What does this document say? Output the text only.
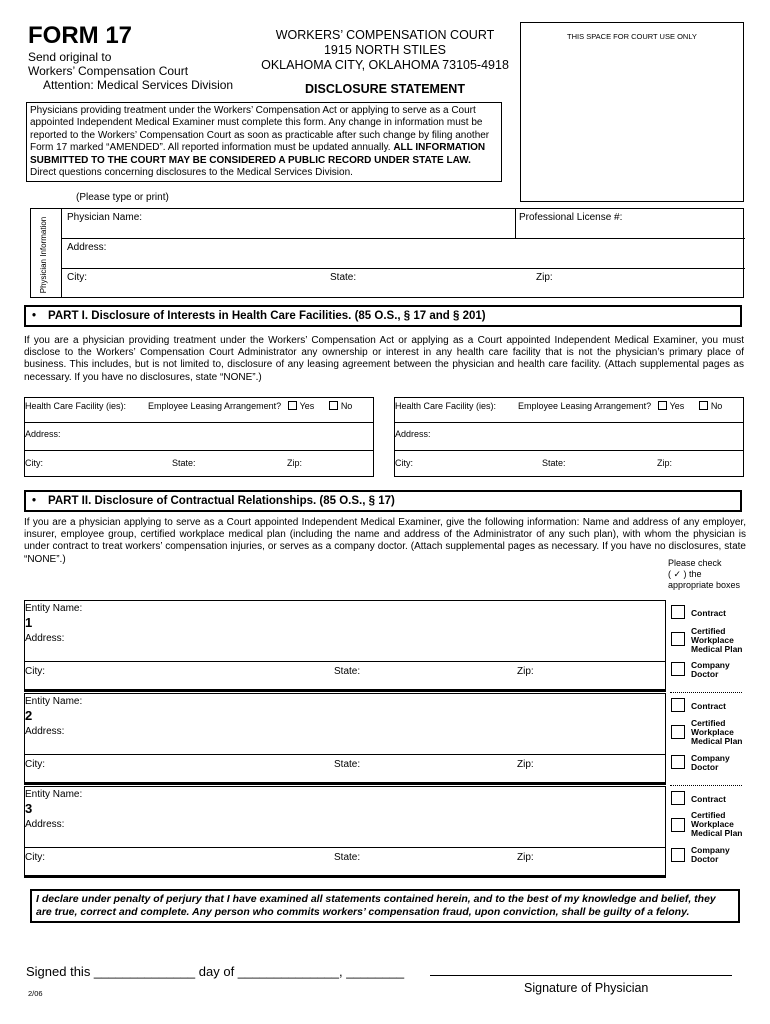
FORM 17
Send original to
Workers’ Compensation Court
Attention: Medical Services Division
WORKERS’ COMPENSATION COURT
1915 NORTH STILES
OKLAHOMA CITY, OKLAHOMA 73105-4918
DISCLOSURE STATEMENT
THIS SPACE FOR COURT USE ONLY
Physicians providing treatment under the Workers’ Compensation Act or applying to serve as a Court appointed Independent Medical Examiner must complete this form. Any change in information must be reported to the Workers’ Compensation Court as soon as practicable after such change by filing another Form 17 marked “AMENDED”. All reported information must be updated annually. ALL INFORMATION SUBMITTED TO THE COURT MAY BE CONSIDERED A PUBLIC RECORD UNDER STATE LAW. Direct questions concerning disclosures to the Medical Services Division.
(Please type or print)
Physician Information	Physician Name:	Professional License #:
Address:
City:	State:	Zip:
• PART I. Disclosure of Interests in Health Care Facilities. (85 O.S., § 17 and § 201)
If you are a physician providing treatment under the Workers’ Compensation Act or applying as a Court appointed Independent Medical Examiner, you must disclose to the Workers’ Compensation Court Administrator any ownership or interest in any health care facility that is not the physician’s primary place of business. This includes, but is not limited to, disclosure of any leasing agreement between the physician and health care facility. (Attach supplemental pages as necessary. If you have no disclosures, state “NONE”.)
Health Care Facility (ies): Employee Leasing Arrangement? Yes	No
Address:
City:	State:	Zip:
Health Care Facility (ies): Employee Leasing Arrangement? Yes	No
Address:
City:	State:	Zip:
• PART II. Disclosure of Contractual Relationships. (85 O.S., § 17)
If you are a physician applying to serve as a Court appointed Independent Medical Examiner, give the following information: Name and address of any employer, insurer, employee group, certified workplace medical plan (including the name and address of the Administrator of any such plan), with whom the physician is under contract to treat workers’ compensation injuries, or serves as a company doctor. (Attach supplemental pages as necessary. If you have no disclosures, state “NONE”.)	Please check
( ✓ ) the
appropriate boxes
Entity Name:
1
Address:
City:	State:	Zip:
Contract
Certified Workplace Medical Plan
Company Doctor
Entity Name:
2
Address:
City:	State:	Zip:
Contract
Certified Workplace Medical Plan
Company Doctor
Entity Name:
3
Address:
City:	State:	Zip:
Contract
Certified Workplace Medical Plan
Company Doctor
I declare under penalty of perjury that I have examined all statements contained herein, and to the best of my knowledge and belief, they are true, correct and complete. Any person who commits workers’ compensation fraud, upon conviction, shall be guilty of a felony.
Signed this ______________ day of ______________, ________
Signature of Physician
2/06
